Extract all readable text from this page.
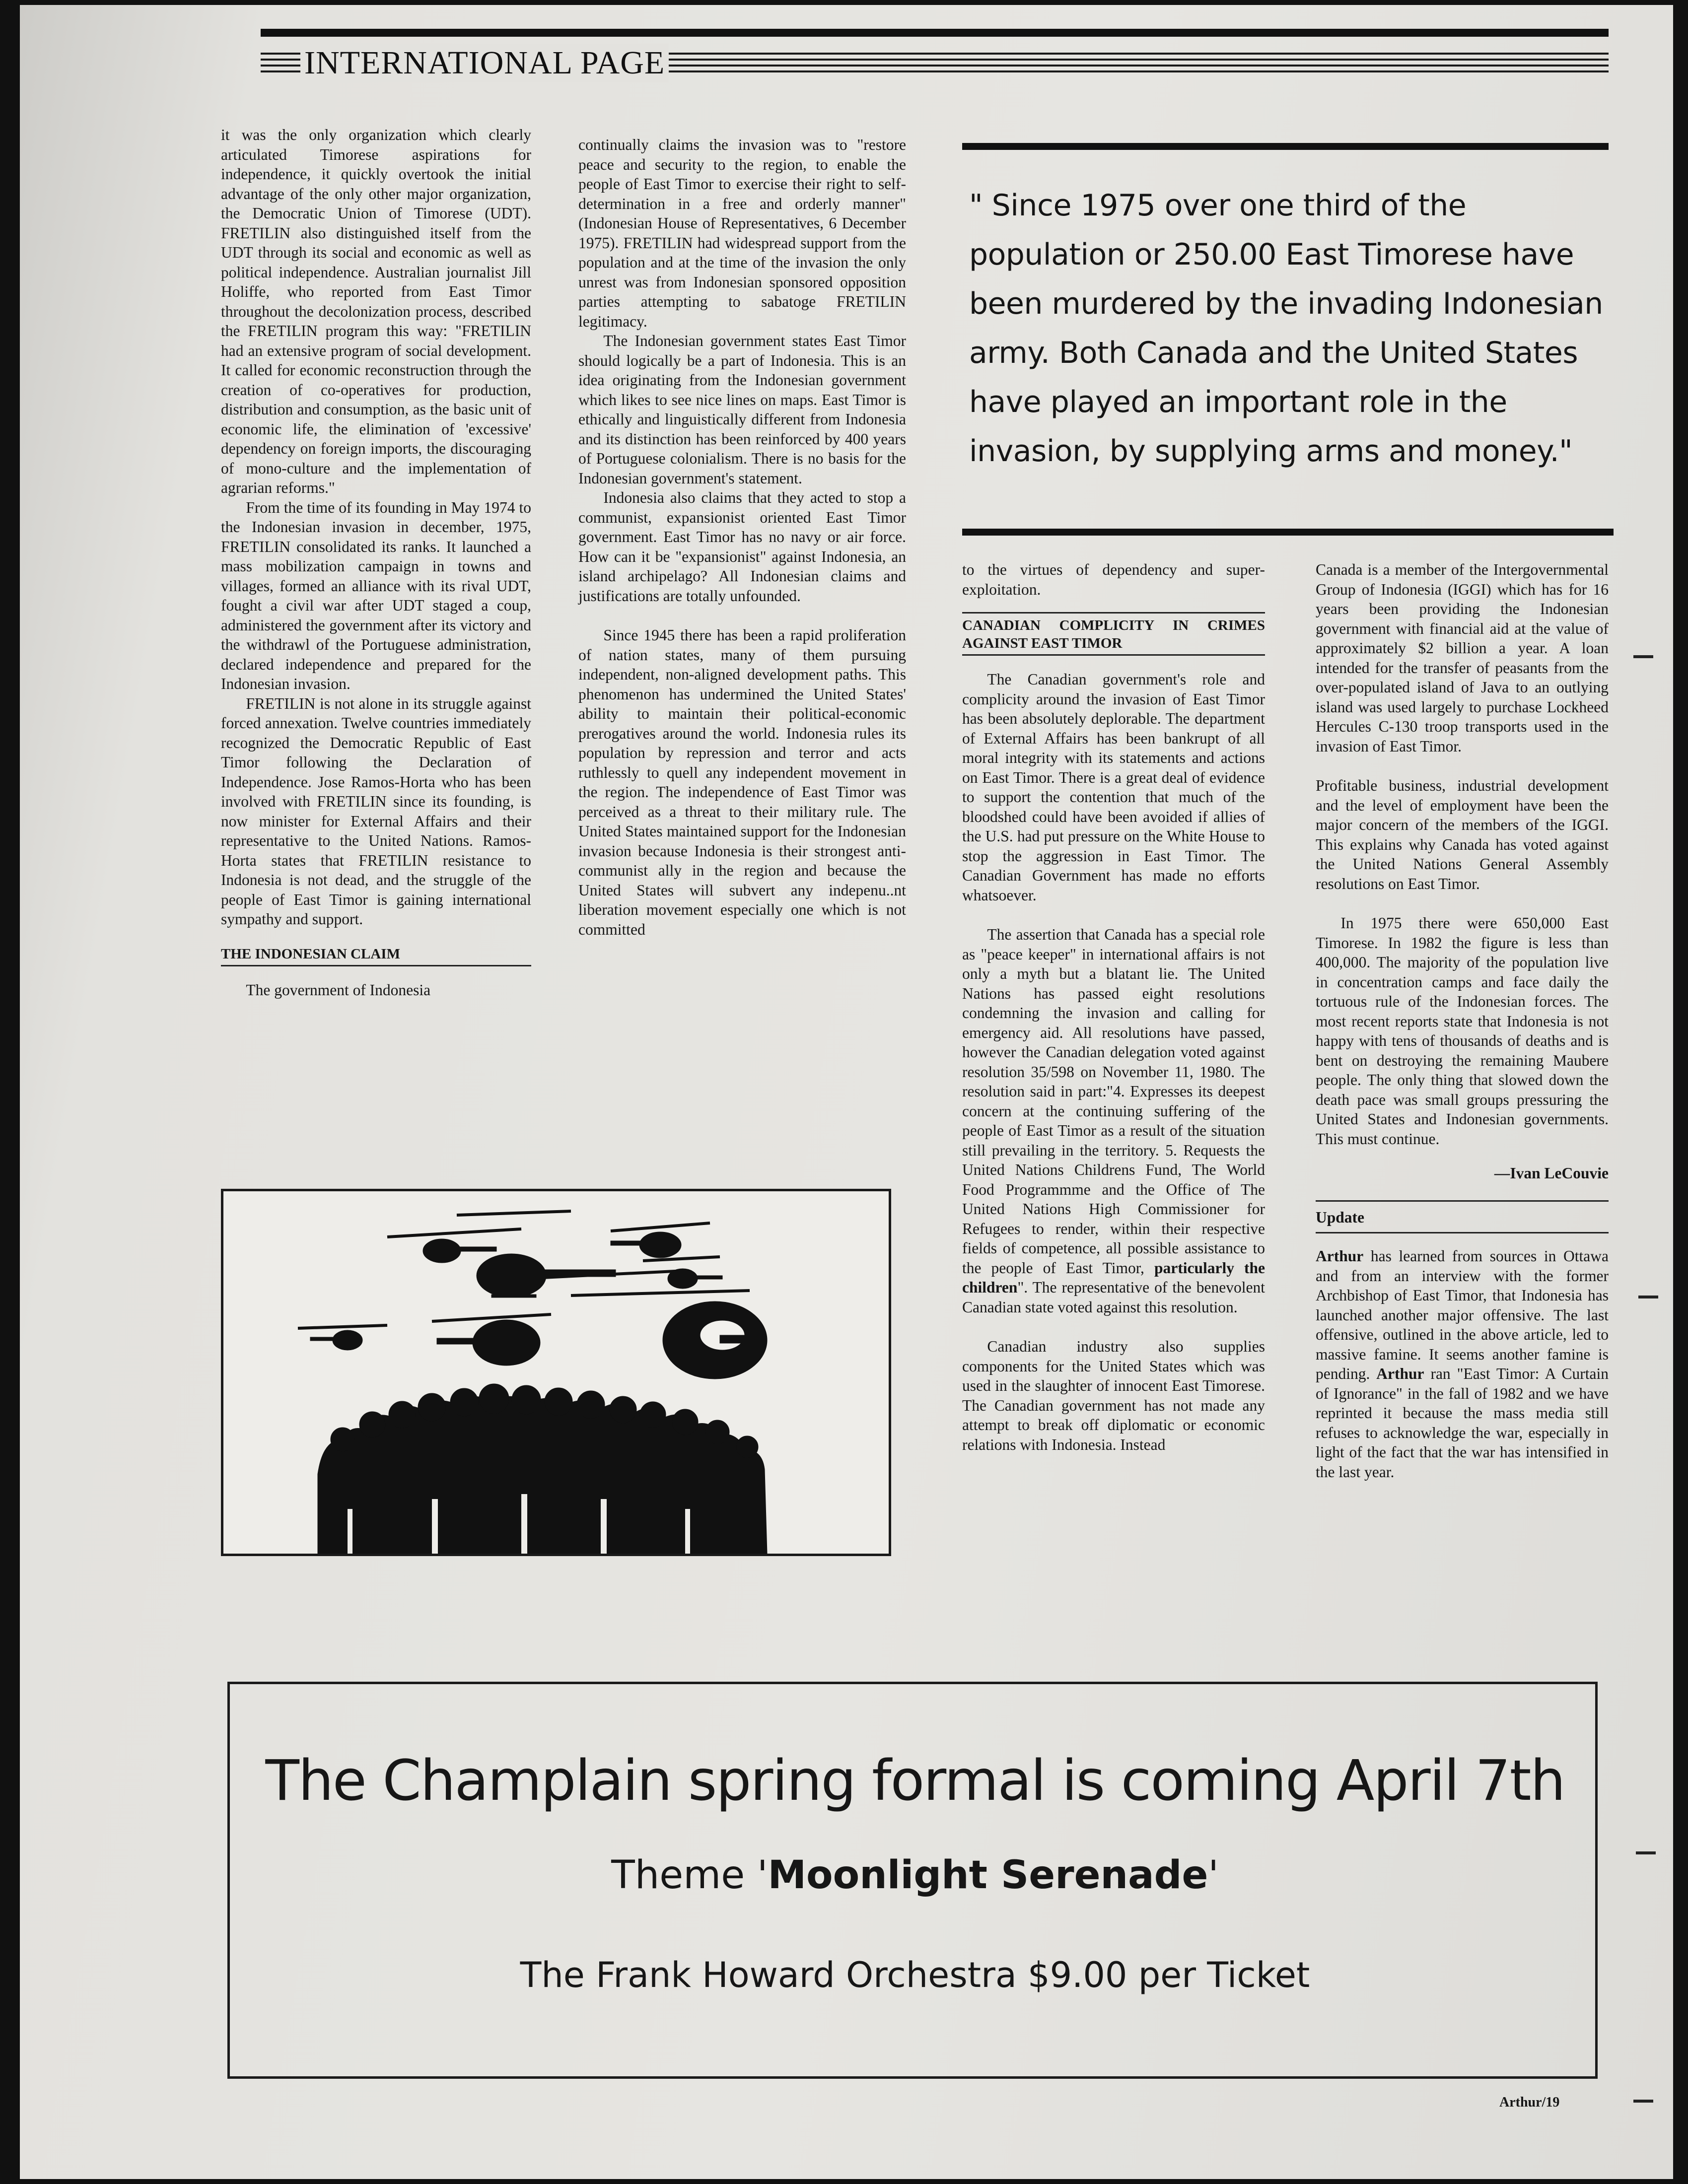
INTERNATIONAL PAGE

it was the only organization which clearly articulated Timorese aspirations for independence, it quickly overtook the initial advantage of the only other major organization, the Democratic Union of Timorese (UDT). FRETILIN also distinguished itself from the UDT through its social and economic as well as political independence. Australian journalist Jill Holiffe, who reported from East Timor throughout the decolonization process, described the FRETILIN program this way: "FRETILIN had an extensive program of social development. It called for economic reconstruction through the creation of co-operatives for production, distribution and consumption, as the basic unit of economic life, the elimination of 'excessive' dependency on foreign imports, the discouraging of mono-culture and the implementation of agrarian reforms."

From the time of its founding in May 1974 to the Indonesian invasion in december, 1975, FRETILIN consolidated its ranks. It launched a mass mobilization campaign in towns and villages, formed an alliance with its rival UDT, fought a civil war after UDT staged a coup, administered the government after its victory and the withdrawl of the Portuguese administration, declared independence and prepared for the Indonesian invasion.

FRETILIN is not alone in its struggle against forced annexation. Twelve countries immediately recognized the Democratic Republic of East Timor following the Declaration of Independence. Jose Ramos-Horta who has been involved with FRETILIN since its founding, is now minister for External Affairs and their representative to the United Nations. Ramos-Horta states that FRETILIN resistance to Indonesia is not dead, and the struggle of the people of East Timor is gaining international sympathy and support.

THE INDONESIAN CLAIM

The government of Indonesia

continually claims the invasion was to "restore peace and security to the region, to enable the people of East Timor to exercise their right to self-determination in a free and orderly manner"(Indonesian House of Representatives, 6 December 1975). FRETILIN had widespread support from the population and at the time of the invasion the only unrest was from Indonesian sponsored opposition parties attempting to sabatoge FRETILIN legitimacy.

The Indonesian government states East Timor should logically be a part of Indonesia. This is an idea originating from the Indonesian government which likes to see nice lines on maps. East Timor is ethically and linguistically different from Indonesia and its distinction has been reinforced by 400 years of Portuguese colonialism. There is no basis for the Indonesian government's statement.

Indonesia also claims that they acted to stop a communist, expansionist oriented East Timor government. East Timor has no navy or air force. How can it be "expansionist" against Indonesia, an island archipelago? All Indonesian claims and justifications are totally unfounded.

Since 1945 there has been a rapid proliferation of nation states, many of them pursuing independent, non-aligned development paths. This phenomenon has undermined the United States' ability to maintain their political-economic prerogatives around the world. Indonesia rules its population by repression and terror and acts ruthlessly to quell any independent movement in the region. The independence of East Timor was perceived as a threat to their military rule. The United States maintained support for the Indonesian invasion because Indonesia is their strongest anti-communist ally in the region and because the United States will subvert any indepenu..nt liberation movement especially one which is not committed

" Since 1975 over one third of the population or 250.00 East Timorese have been murdered by the invading Indonesian army. Both Canada and the United States have played an important role in the invasion, by supplying arms and money."

to the virtues of dependency and super-exploitation.

CANADIAN COMPLICITY IN CRIMES AGAINST EAST TIMOR

The Canadian government's role and complicity around the invasion of East Timor has been absolutely deplorable. The department of External Affairs has been bankrupt of all moral integrity with its statements and actions on East Timor. There is a great deal of evidence to support the contention that much of the bloodshed could have been avoided if allies of the U.S. had put pressure on the White House to stop the aggression in East Timor. The Canadian Government has made no efforts whatsoever.

The assertion that Canada has a special role as "peace keeper" in international affairs is not only a myth but a blatant lie. The United Nations has passed eight resolutions condemning the invasion and calling for emergency aid. All resolutions have passed, however the Canadian delegation voted against resolution 35/598 on November 11, 1980. The resolution said in part:"4. Expresses its deepest concern at the continuing suffering of the people of East Timor as a result of the situation still prevailing in the territory. 5. Requests the United Nations Childrens Fund, The World Food Programmme and the Office of The United Nations High Commissioner for Refugees to render, within their respective fields of competence, all possible assistance to the people of East Timor, particularly the children". The representative of the benevolent Canadian state voted against this resolution.

Canadian industry also supplies components for the United States which was used in the slaughter of innocent East Timorese. The Canadian government has not made any attempt to break off diplomatic or economic relations with Indonesia. Instead

Canada is a member of the Intergovernmental Group of Indonesia (IGGI) which has for 16 years been providing the Indonesian government with financial aid at the value of approximately $2 billion a year. A loan intended for the transfer of peasants from the over-populated island of Java to an outlying island was used largely to purchase Lockheed Hercules C-130 troop transports used in the invasion of East Timor.

Profitable business, industrial development and the level of employment have been the major concern of the members of the IGGI. This explains why Canada has voted against the United Nations General Assembly resolutions on East Timor.

In 1975 there were 650,000 East Timorese. In 1982 the figure is less than 400,000. The majority of the population live in concentration camps and face daily the tortuous rule of the Indonesian forces. The most recent reports state that Indonesia is not happy with tens of thousands of deaths and is bent on destroying the remaining Maubere people. The only thing that slowed down the death pace was small groups pressuring the United States and Indonesian governments. This must continue.

—Ivan LeCouvie
Update

Arthur has learned from sources in Ottawa and from an interview with the former Archbishop of East Timor, that Indonesia has launched another major offensive. The last offensive, outlined in the above article, led to massive famine. It seems another famine is pending. Arthur ran "East Timor: A Curtain of Ignorance" in the fall of 1982 and we have reprinted it because the mass media still refuses to acknowledge the war, especially in light of the fact that the war has intensified in the last year.

The Champlain spring formal is coming April 7th
Theme 'Moonlight Serenade'
The Frank Howard Orchestra $9.00 per Ticket
Arthur/19
